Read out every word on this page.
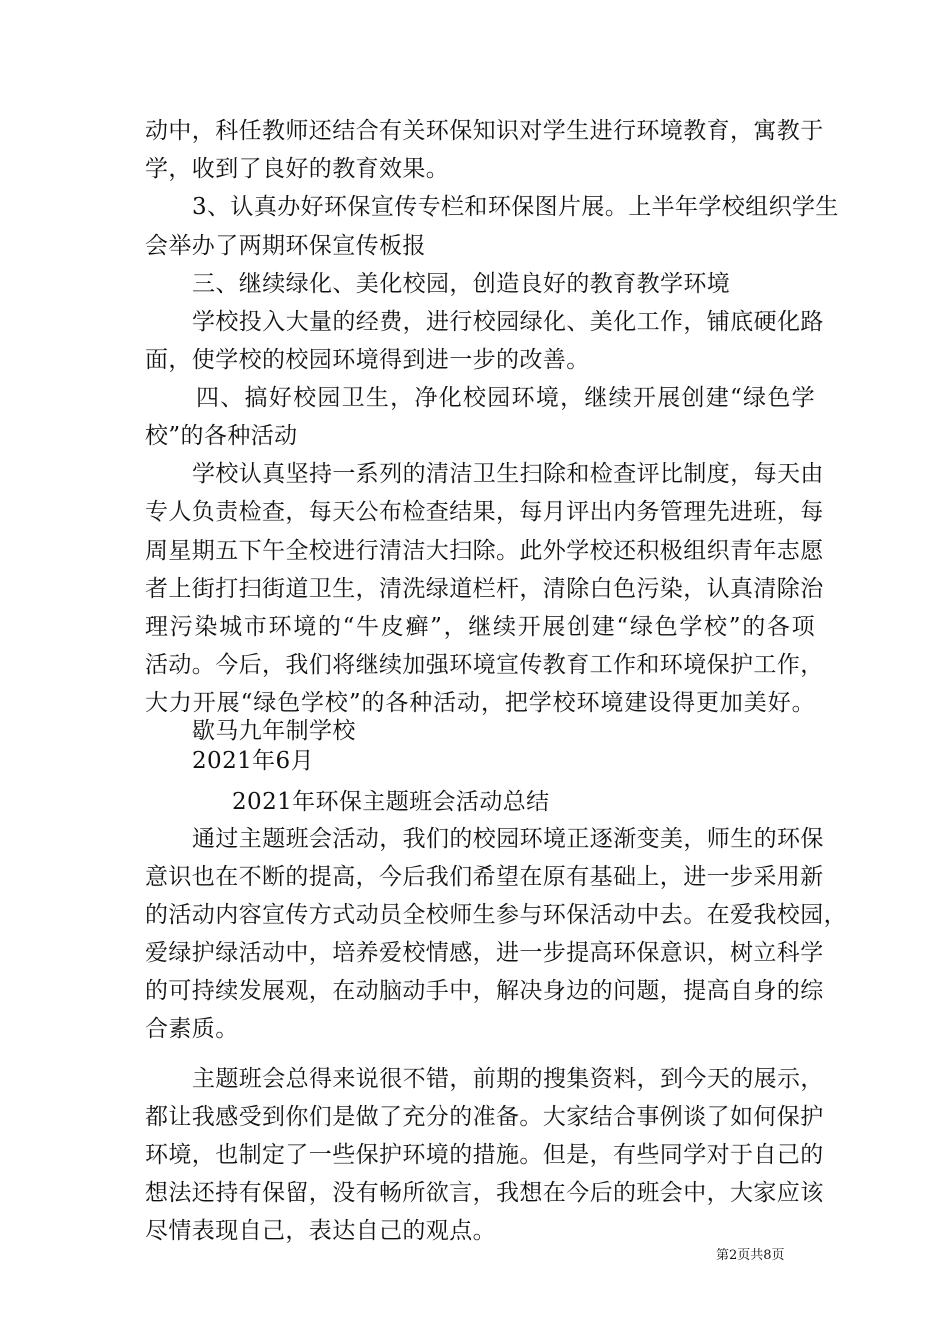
动中，科任教师还结合有关环保知识对学生进行环境教育，寓教于
学，收到了良好的教育效果。
3、认真办好环保宣传专栏和环保图片展。上半年学校组织学生
会举办了两期环保宣传板报
三、继续绿化、美化校园，创造良好的教育教学环境
学校投入大量的经费，进行校园绿化、美化工作，铺底硬化路
面，使学校的校园环境得到进一步的改善。
四、搞好校园卫生，净化校园环境，继续开展创建“绿色学
校”的各种活动
学校认真坚持一系列的清洁卫生扫除和检查评比制度，每天由
专人负责检查，每天公布检查结果，每月评出内务管理先进班，每
周星期五下午全校进行清洁大扫除。此外学校还积极组织青年志愿
者上街打扫街道卫生，清洗绿道栏杆，清除白色污染，认真清除治
理污染城市环境的“牛皮癣”，继续开展创建“绿色学校”的各项
活动。今后，我们将继续加强环境宣传教育工作和环境保护工作，
大力开展“绿色学校”的各种活动，把学校环境建设得更加美好。
歇马九年制学校
2021年6月
2021年环保主题班会活动总结
通过主题班会活动，我们的校园环境正逐渐变美，师生的环保
意识也在不断的提高，今后我们希望在原有基础上，进一步采用新
的活动内容宣传方式动员全校师生参与环保活动中去。在爱我校园，
爱绿护绿活动中，培养爱校情感，进一步提高环保意识，树立科学
的可持续发展观，在动脑动手中，解决身边的问题，提高自身的综
合素质。
主题班会总得来说很不错，前期的搜集资料，到今天的展示，
都让我感受到你们是做了充分的准备。大家结合事例谈了如何保护
环境，也制定了一些保护环境的措施。但是，有些同学对于自己的
想法还持有保留，没有畅所欲言，我想在今后的班会中，大家应该
尽情表现自己，表达自己的观点。
第2页共8页
